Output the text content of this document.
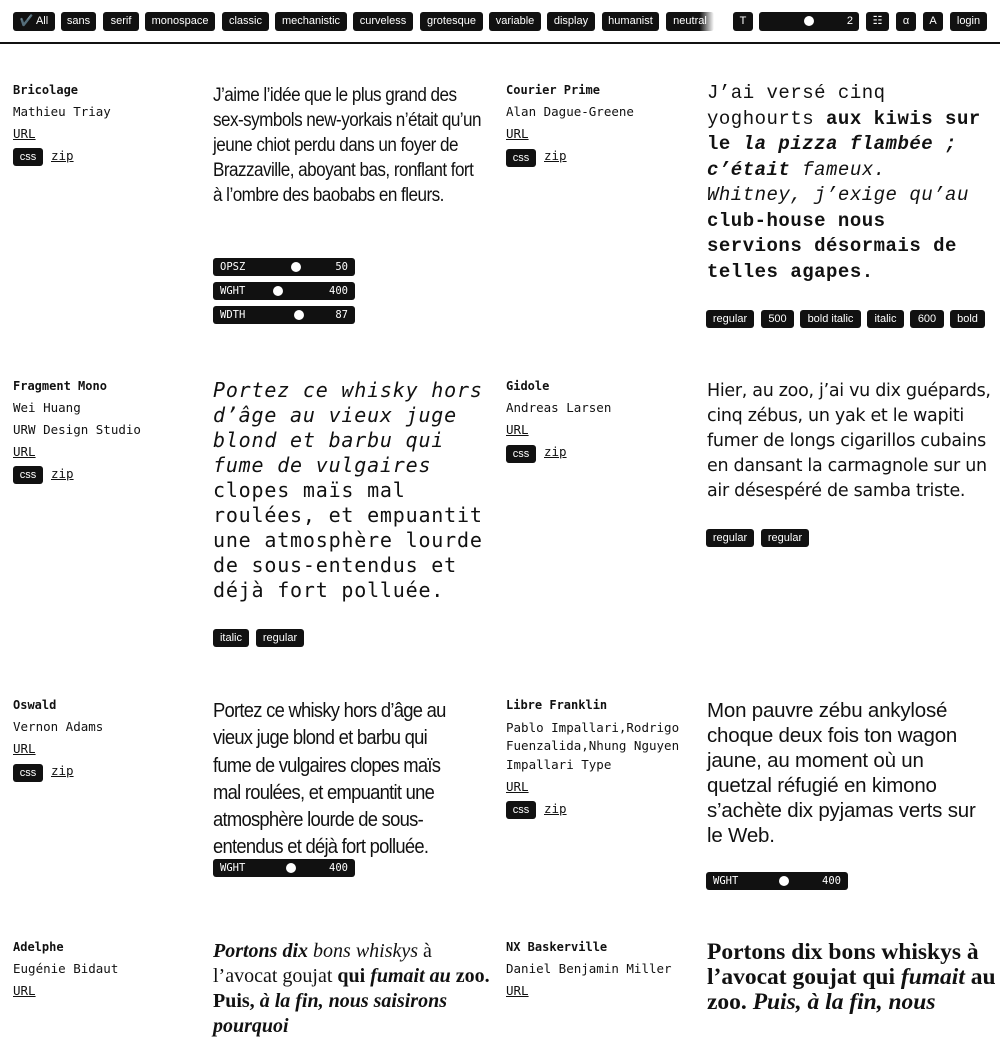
✔️ All	sans	serif	monospace	classic	mechanistic	curveless	grotesque	variable	display	humanist	neutral	T	2	☷	α	A	login
Bricolage
Mathieu Triay
URL
css	zip

J’aime l’idée que le plus grand des sex-symbols new-yorkais n’était qu’un jeune chiot perdu dans un foyer de Brazzaville, aboyant bas, ronflant fort à l’ombre des baobabs en fleurs.

OPSZ	50
WGHT	400
WDTH	87
Courier Prime
Alan Dague-Greene
URL
css	zip

J’ai versé cinq yoghourts aux kiwis sur le la pizza flambée ; c’était fameux. Whitney, j’exige qu’au club-house nous servions désormais de telles agapes.

regular	500	bold italic	italic	600	bold
Fragment Mono
Wei Huang
URW Design Studio
URL
css	zip

Portez ce whisky hors d’âge au vieux juge blond et barbu qui fume de vulgaires clopes maïs mal roulées, et empuantit une atmosphère lourde de sous-entendus et déjà fort polluée.

italic	regular
Gidole
Andreas Larsen
URL
css	zip

Hier, au zoo, j’ai vu dix guépards, cinq zébus, un yak et le wapiti fumer de longs cigarillos cubains en dansant la carmagnole sur un air désespéré de samba triste.

regular	regular
Oswald
Vernon Adams
URL
css	zip

Portez ce whisky hors d’âge au vieux juge blond et barbu qui fume de vulgaires clopes maïs mal roulées, et empuantit une atmosphère lourde de sous-entendus et déjà fort polluée.

WGHT	400
Libre Franklin
Pablo Impallari,Rodrigo Fuenzalida,Nhung Nguyen
Impallari Type
URL
css	zip

Mon pauvre zébu ankylosé choque deux fois ton wagon jaune, au moment où un quetzal réfugié en kimono s’achète dix pyjamas verts sur le Web.

WGHT	400
Adelphe
Eugénie Bidaut
URL

Portons dix bons whiskys à l’avocat goujat qui fumait au zoo. Puis, à la fin, nous saisirons pourquoi

NX Baskerville
Daniel Benjamin Miller
URL

Portons dix bons whiskys à l’avocat goujat qui fumait au zoo. Puis, à la fin, nous
